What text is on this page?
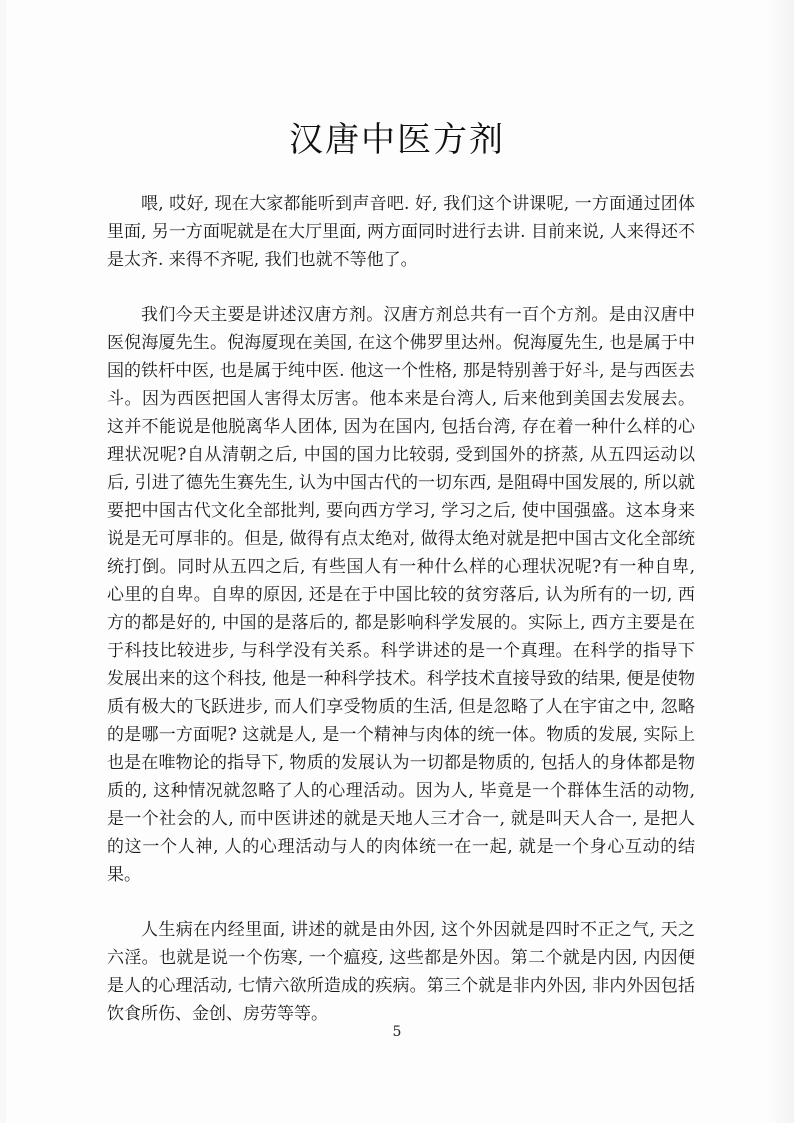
汉唐中医方剂

喂, 哎好, 现在大家都能听到声音吧. 好, 我们这个讲课呢, 一方面通过团体里面, 另一方面呢就是在大厅里面, 两方面同时进行去讲. 目前来说, 人来得还不是太齐. 来得不齐呢, 我们也就不等他了。

我们今天主要是讲述汉唐方剂。汉唐方剂总共有一百个方剂。是由汉唐中医倪海厦先生。倪海厦现在美国, 在这个佛罗里达州。倪海厦先生, 也是属于中国的铁杆中医, 也是属于纯中医. 他这一个性格, 那是特别善于好斗, 是与西医去斗。因为西医把国人害得太厉害。他本来是台湾人, 后来他到美国去发展去。这并不能说是他脱离华人团体, 因为在国内, 包括台湾, 存在着一种什么样的心理状况呢?自从清朝之后, 中国的国力比较弱, 受到国外的挤蒸, 从五四运动以后, 引进了德先生赛先生, 认为中国古代的一切东西, 是阻碍中国发展的, 所以就要把中国古代文化全部批判, 要向西方学习, 学习之后, 使中国强盛。这本身来说是无可厚非的。但是, 做得有点太绝对, 做得太绝对就是把中国古文化全部统统打倒。同时从五四之后, 有些国人有一种什么样的心理状况呢?有一种自卑, 心里的自卑。自卑的原因, 还是在于中国比较的贫穷落后, 认为所有的一切, 西方的都是好的, 中国的是落后的, 都是影响科学发展的。实际上, 西方主要是在于科技比较进步, 与科学没有关系。科学讲述的是一个真理。在科学的指导下发展出来的这个科技, 他是一种科学技术。科学技术直接导致的结果, 便是使物质有极大的飞跃进步, 而人们享受物质的生活, 但是忽略了人在宇宙之中, 忽略的是哪一方面呢? 这就是人, 是一个精神与肉体的统一体。物质的发展, 实际上也是在唯物论的指导下, 物质的发展认为一切都是物质的, 包括人的身体都是物质的, 这种情况就忽略了人的心理活动。因为人, 毕竟是一个群体生活的动物, 是一个社会的人, 而中医讲述的就是天地人三才合一, 就是叫天人合一, 是把人的这一个人神, 人的心理活动与人的肉体统一在一起, 就是一个身心互动的结果。

人生病在内经里面, 讲述的就是由外因, 这个外因就是四时不正之气, 天之六淫。也就是说一个伤寒, 一个瘟疫, 这些都是外因。第二个就是内因, 内因便是人的心理活动, 七情六欲所造成的疾病。第三个就是非内外因, 非内外因包括饮食所伤、金创、房劳等等。

5
